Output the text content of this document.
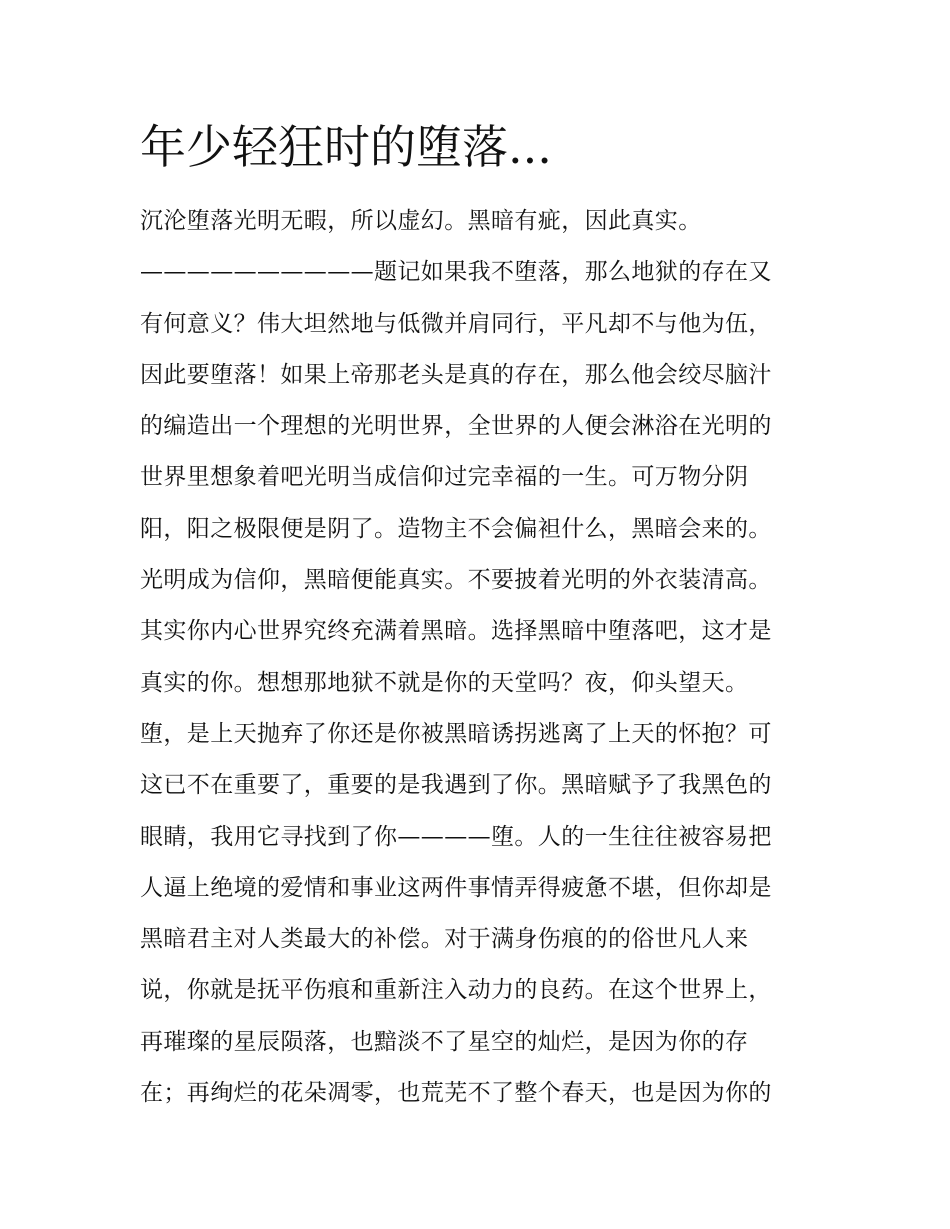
年少轻狂时的堕落...
沉沦堕落光明无暇，所以虚幻。黑暗有疵，因此真实。
——————————题记如果我不堕落，那么地狱的存在又
有何意义？伟大坦然地与低微并肩同行，平凡却不与他为伍，
因此要堕落！如果上帝那老头是真的存在，那么他会绞尽脑汁
的编造出一个理想的光明世界，全世界的人便会淋浴在光明的
世界里想象着吧光明当成信仰过完幸福的一生。可万物分阴
阳，阳之极限便是阴了。造物主不会偏袒什么，黑暗会来的。
光明成为信仰，黑暗便能真实。不要披着光明的外衣装清高。
其实你内心世界究终充满着黑暗。选择黑暗中堕落吧，这才是
真实的你。想想那地狱不就是你的天堂吗？夜，仰头望天。
堕，是上天抛弃了你还是你被黑暗诱拐逃离了上天的怀抱？可
这已不在重要了，重要的是我遇到了你。黑暗赋予了我黑色的
眼睛，我用它寻找到了你————堕。人的一生往往被容易把
人逼上绝境的爱情和事业这两件事情弄得疲惫不堪，但你却是
黑暗君主对人类最大的补偿。对于满身伤痕的的俗世凡人来
说，你就是抚平伤痕和重新注入动力的良药。在这个世界上，
再璀璨的星辰陨落，也黯淡不了星空的灿烂，是因为你的存
在；再绚烂的花朵凋零，也荒芜不了整个春天，也是因为你的
